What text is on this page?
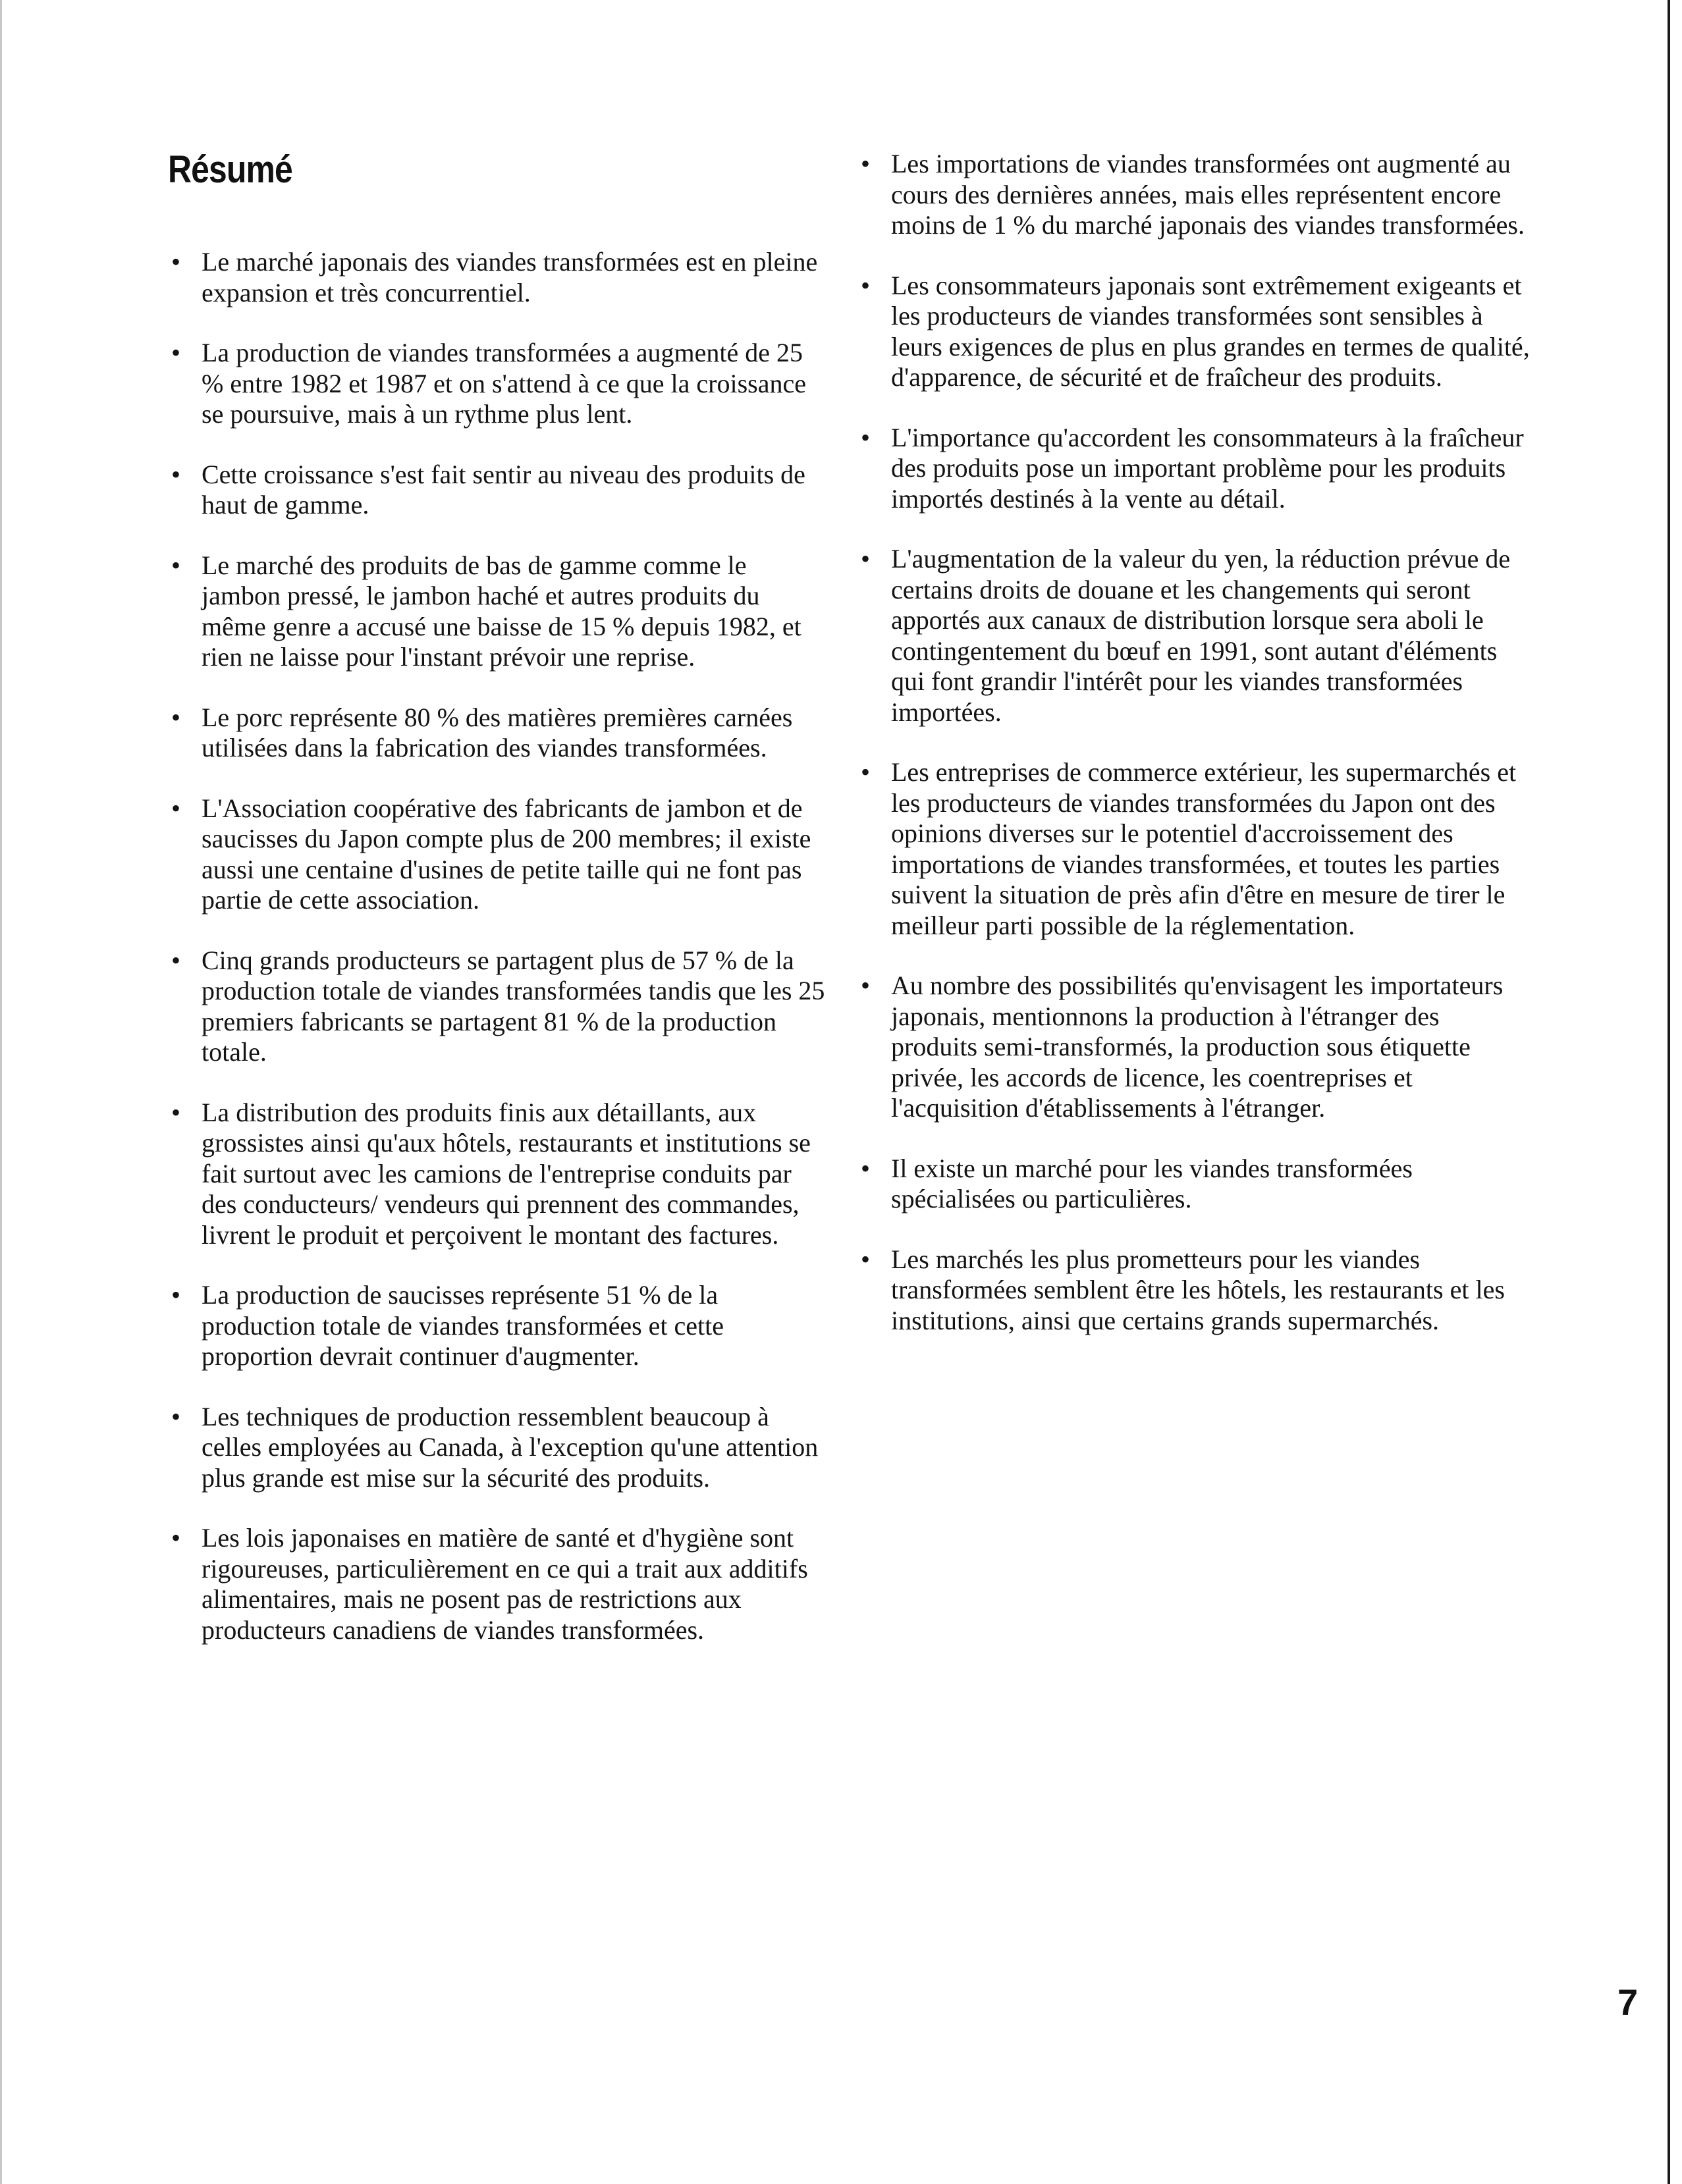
Résumé
• Le marché japonais des viandes transformées est en pleine expansion et très concurrentiel.
• La production de viandes transformées a augmenté de 25 % entre 1982 et 1987 et on s'attend à ce que la croissance se poursuive, mais à un rythme plus lent.
• Cette croissance s'est fait sentir au niveau des produits de haut de gamme.
• Le marché des produits de bas de gamme comme le jambon pressé, le jambon haché et autres produits du même genre a accusé une baisse de 15 % depuis 1982, et rien ne laisse pour l'instant prévoir une reprise.
• Le porc représente 80 % des matières premières carnées utilisées dans la fabrication des viandes transformées.
• L'Association coopérative des fabricants de jambon et de saucisses du Japon compte plus de 200 membres; il existe aussi une centaine d'usines de petite taille qui ne font pas partie de cette association.
• Cinq grands producteurs se partagent plus de 57 % de la production totale de viandes transformées tandis que les 25 premiers fabricants se partagent 81 % de la production totale.
• La distribution des produits finis aux détaillants, aux grossistes ainsi qu'aux hôtels, restaurants et institutions se fait surtout avec les camions de l'entreprise conduits par des conducteurs/ vendeurs qui prennent des commandes, livrent le produit et perçoivent le montant des factures.
• La production de saucisses représente 51 % de la production totale de viandes transformées et cette proportion devrait continuer d'augmenter.
• Les techniques de production ressemblent beaucoup à celles employées au Canada, à l'exception qu'une attention plus grande est mise sur la sécurité des produits.
• Les lois japonaises en matière de santé et d'hygiène sont rigoureuses, particulièrement en ce qui a trait aux additifs alimentaires, mais ne posent pas de restrictions aux producteurs canadiens de viandes transformées.
• Les importations de viandes transformées ont augmenté au cours des dernières années, mais elles représentent encore moins de 1 % du marché japonais des viandes transformées.
• Les consommateurs japonais sont extrêmement exigeants et les producteurs de viandes transformées sont sensibles à leurs exigences de plus en plus grandes en termes de qualité, d'apparence, de sécurité et de fraîcheur des produits.
• L'importance qu'accordent les consommateurs à la fraîcheur des produits pose un important problème pour les produits importés destinés à la vente au détail.
• L'augmentation de la valeur du yen, la réduction prévue de certains droits de douane et les changements qui seront apportés aux canaux de distribution lorsque sera aboli le contingentement du bœuf en 1991, sont autant d'éléments qui font grandir l'intérêt pour les viandes transformées importées.
• Les entreprises de commerce extérieur, les supermarchés et les producteurs de viandes transformées du Japon ont des opinions diverses sur le potentiel d'accroissement des importations de viandes transformées, et toutes les parties suivent la situation de près afin d'être en mesure de tirer le meilleur parti possible de la réglementation.
• Au nombre des possibilités qu'envisagent les importateurs japonais, mentionnons la production à l'étranger des produits semi-transformés, la production sous étiquette privée, les accords de licence, les coentreprises et l'acquisition d'établissements à l'étranger.
• Il existe un marché pour les viandes transformées spécialisées ou particulières.
• Les marchés les plus prometteurs pour les viandes transformées semblent être les hôtels, les restaurants et les institutions, ainsi que certains grands supermarchés.
7
